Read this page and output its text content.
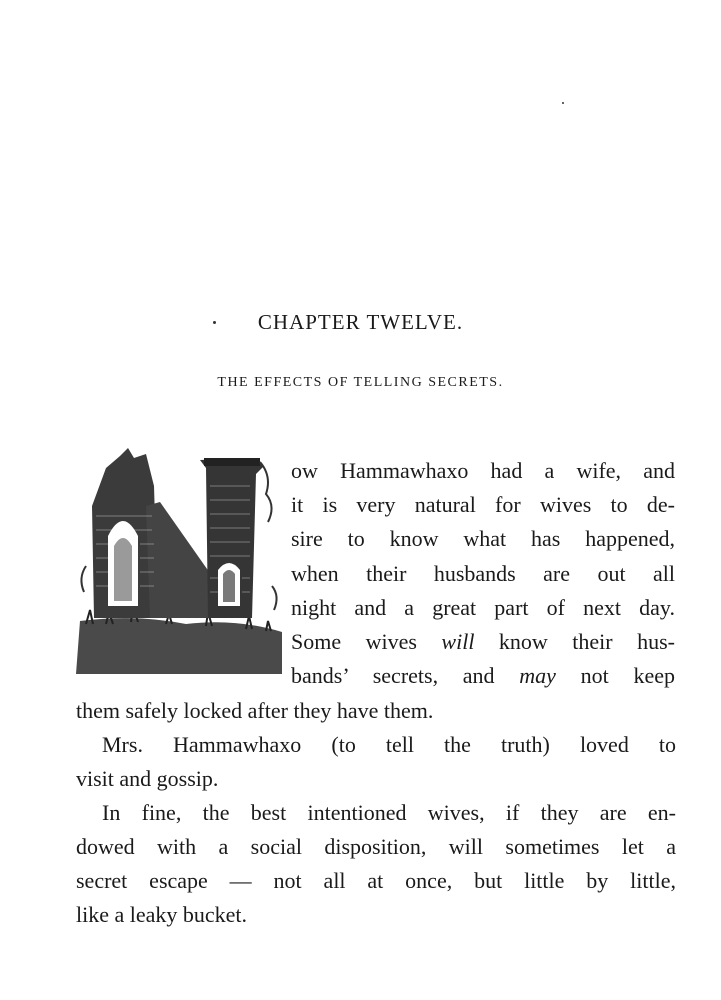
CHAPTER TWELVE.
THE EFFECTS OF TELLING SECRETS.
ow Hammawhaxo had a wife, and
it is very natural for wives to de-
sire to know what has happened,
when their husbands are out all
night and a great part of next day.
Some wives will know their hus-
bands’ secrets, and may not keep
them safely locked after they have them.
Mrs. Hammawhaxo (to tell the truth) loved to
visit and gossip.
In fine, the best intentioned wives, if they are en-
dowed with a social disposition, will sometimes let a
secret escape — not all at once, but little by little,
like a leaky bucket.
